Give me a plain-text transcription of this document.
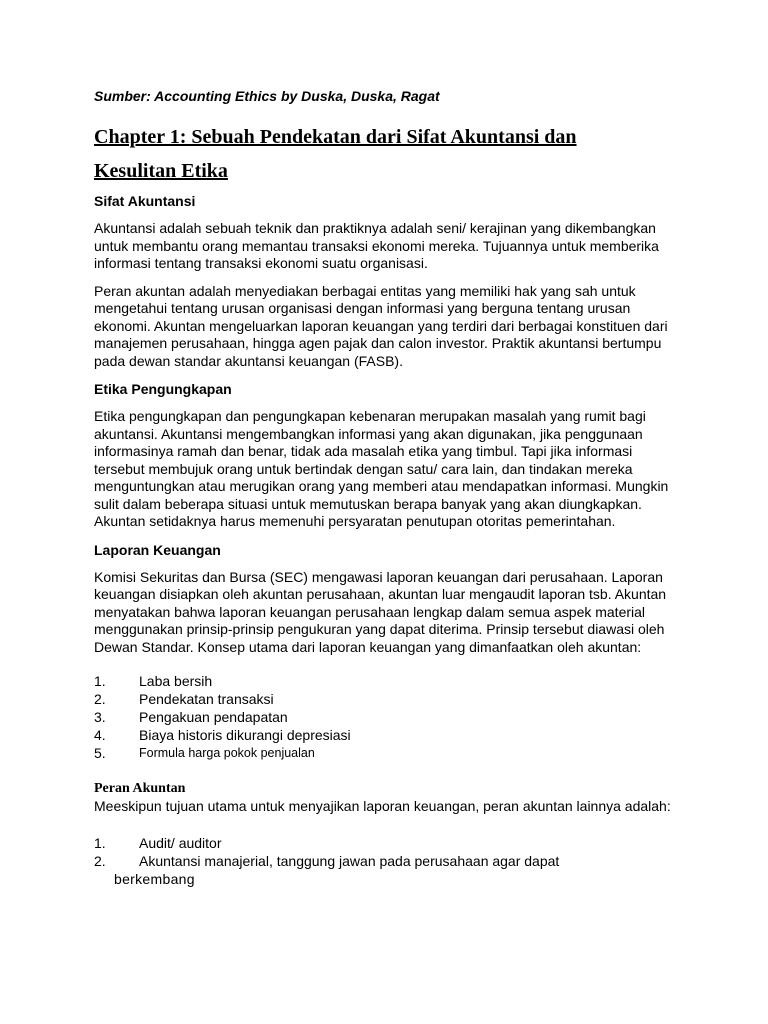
Sumber: Accounting Ethics by Duska, Duska, Ragat

Chapter 1: Sebuah Pendekatan dari Sifat Akuntansi dan
Kesulitan Etika
Sifat Akuntansi

Akuntansi adalah sebuah teknik dan praktiknya adalah seni/ kerajinan yang dikembangkan untuk membantu orang memantau transaksi ekonomi mereka. Tujuannya untuk memberika informasi tentang transaksi ekonomi suatu organisasi.

Peran akuntan adalah menyediakan berbagai entitas yang memiliki hak yang sah untuk mengetahui tentang urusan organisasi dengan informasi yang berguna tentang urusan ekonomi. Akuntan mengeluarkan laporan keuangan yang terdiri dari berbagai konstituen dari manajemen perusahaan, hingga agen pajak dan calon investor. Praktik akuntansi bertumpu pada dewan standar akuntansi keuangan (FASB).

Etika Pengungkapan

Etika pengungkapan dan pengungkapan kebenaran merupakan masalah yang rumit bagi akuntansi. Akuntansi mengembangkan informasi yang akan digunakan, jika penggunaan informasinya ramah dan benar, tidak ada masalah etika yang timbul. Tapi jika informasi tersebut membujuk orang untuk bertindak dengan satu/ cara lain, dan tindakan mereka menguntungkan atau merugikan orang yang memberi atau mendapatkan informasi. Mungkin sulit dalam beberapa situasi untuk memutuskan berapa banyak yang akan diungkapkan. Akuntan setidaknya harus memenuhi persyaratan penutupan otoritas pemerintahan.

Laporan Keuangan

Komisi Sekuritas dan Bursa (SEC) mengawasi laporan keuangan dari perusahaan. Laporan keuangan disiapkan oleh akuntan perusahaan, akuntan luar mengaudit laporan tsb. Akuntan menyatakan bahwa laporan keuangan perusahaan lengkap dalam semua aspek material menggunakan prinsip-prinsip pengukuran yang dapat diterima. Prinsip tersebut diawasi oleh Dewan Standar. Konsep utama dari laporan keuangan yang dimanfaatkan oleh akuntan:

1.	Laba bersih
2.	Pendekatan transaksi
3.	Pengakuan pendapatan
4.	Biaya historis dikurangi depresiasi
5.	Formula harga pokok penjualan
Peran Akuntan

Meeskipun tujuan utama untuk menyajikan laporan keuangan, peran akuntan lainnya adalah:

1.	Audit/ auditor
2.	Akuntansi manajerial, tanggung jawan pada perusahaan agar dapat
berkembang
